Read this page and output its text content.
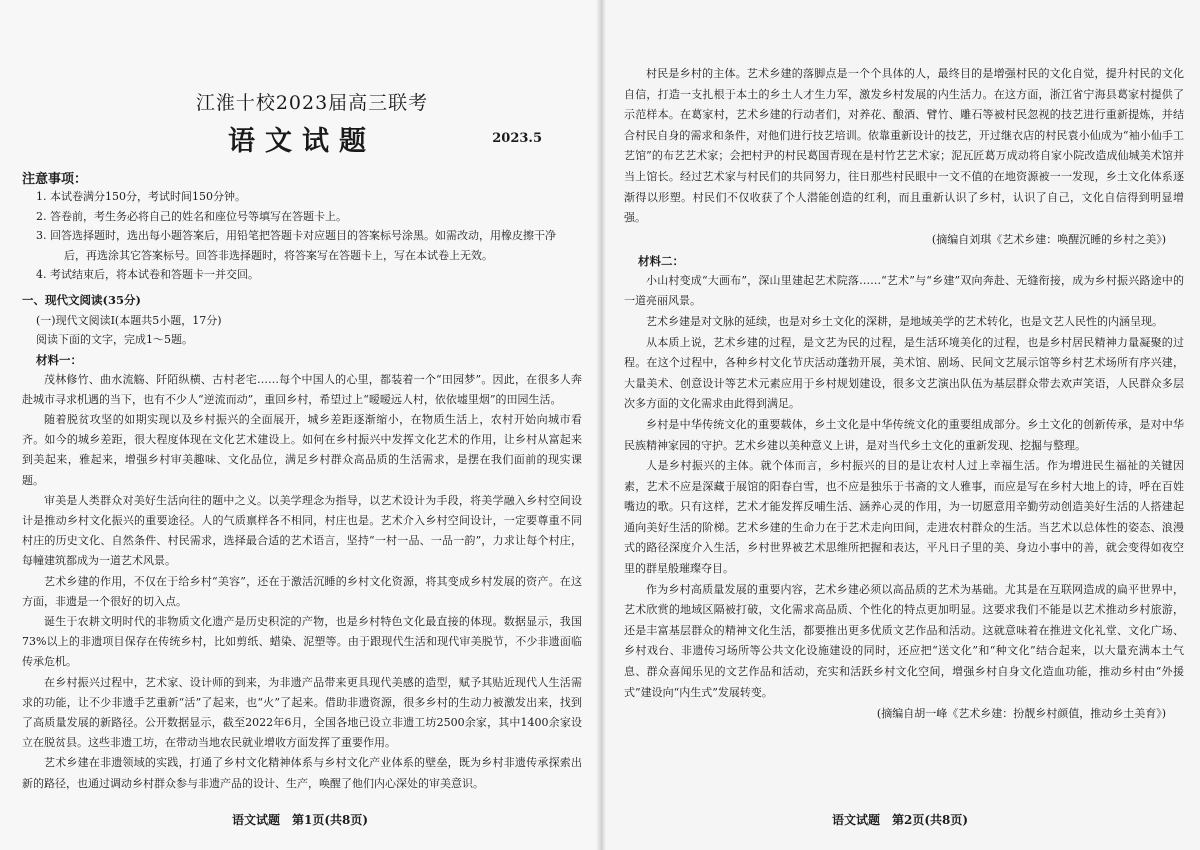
江淮十校2023届高三联考
语文试题	2023.5
注意事项：
1. 本试卷满分150分，考试时间150分钟。
2. 答卷前，考生务必将自己的姓名和座位号等填写在答题卡上。
3. 回答选择题时，选出每小题答案后，用铅笔把答题卡对应题目的答案标号涂黑。如需改动，用橡皮擦干净
后，再选涂其它答案标号。回答非选择题时，将答案写在答题卡上，写在本试卷上无效。
4. 考试结束后，将本试卷和答题卡一并交回。
一、现代文阅读(35分)
(一)现代文阅读Ⅰ(本题共5小题，17分)
阅读下面的文字，完成1～5题。
材料一：

茂林修竹、曲水流觞、阡陌纵横、古村老宅……每个中国人的心里，都装着一个“田园梦”。因此，在很多人奔赴城市寻求机遇的当下，也有不少人“逆流而动”，重回乡村，希望过上“暧暧远人村，依依墟里烟”的田园生活。

随着脱贫攻坚的如期实现以及乡村振兴的全面展开，城乡差距逐渐缩小，在物质生活上，农村开始向城市看齐。如今的城乡差距，很大程度体现在文化艺术建设上。如何在乡村振兴中发挥文化艺术的作用，让乡村从富起来到美起来，雅起来，增强乡村审美趣味、文化品位，满足乡村群众高品质的生活需求，是摆在我们面前的现实课题。

审美是人类群众对美好生活向往的题中之义。以美学理念为指导，以艺术设计为手段，将美学融入乡村空间设计是推动乡村文化振兴的重要途径。人的气质禀样各不相同，村庄也是。艺术介入乡村空间设计，一定要尊重不同村庄的历史文化、自然条件、村民需求，选择最合适的艺术语言，坚持“一村一品、一品一韵”，力求让每个村庄，每幢建筑都成为一道艺术风景。

艺术乡建的作用，不仅在于给乡村“美容”，还在于激活沉睡的乡村文化资源，将其变成乡村发展的资产。在这方面，非遗是一个很好的切入点。

诞生于农耕文明时代的非物质文化遗产是历史积淀的产物，也是乡村特色文化最直接的体现。数据显示，我国73%以上的非遗项目保存在传统乡村，比如剪纸、蜡染、泥塑等。由于跟现代生活和现代审美脱节，不少非遗面临传承危机。

在乡村振兴过程中，艺术家、设计师的到来，为非遗产品带来更具现代美感的造型，赋予其贴近现代人生活需求的功能，让不少非遗手艺重新“活”了起来，也“火”了起来。借助非遗资源，很多乡村的生动力被激发出来，找到了高质量发展的新路径。公开数据显示，截至2022年6月，全国各地已设立非遗工坊2500余家，其中1400余家设立在脱贫县。这些非遗工坊，在带动当地农民就业增收方面发挥了重要作用。

艺术乡建在非遗领域的实践，打通了乡村文化精神体系与乡村文化产业体系的壁垒，既为乡村非遗传承探索出新的路径，也通过调动乡村群众参与非遗产品的设计、生产，唤醒了他们内心深处的审美意识。

语文试题　第1页(共8页)

村民是乡村的主体。艺术乡建的落脚点是一个个具体的人，最终目的是增强村民的文化自觉，提升村民的文化自信，打造一支扎根于本土的乡土人才生力军，激发乡村发展的内生活力。在这方面，浙江省宁海县葛家村提供了示范样本。在葛家村，艺术乡建的行动者们，对养花、酿酒、臂竹、雕石等被村民忽视的技艺进行重新提炼，并结合村民自身的需求和条件，对他们进行技艺培训。依靠重新设计的技艺，开过继衣店的村民袁小仙成为“袖小仙手工艺馆”的布艺艺术家；会把村尹的村民葛国青现在是村竹艺艺术家；泥瓦匠葛万成动将自家小院改造成仙城美术馆并当上馆长。经过艺术家与村民们的共同努力，往日那些村民眼中一文不值的在地资源被一一发现，乡土文化体系逐渐得以形塑。村民们不仅收获了个人潜能创造的红利，而且重新认识了乡村，认识了自己，文化自信得到明显增强。

(摘编自刘琪《艺术乡建：唤醒沉睡的乡村之美》)
材料二：

小山村变成“大画布”，深山里建起艺术院落……“艺术”与“乡建”双向奔赴、无缝衔接，成为乡村振兴路途中的一道亮丽风景。

艺术乡建是对文脉的延续，也是对乡土文化的深耕，是地域美学的艺术转化，也是文艺人民性的内涵呈现。

从本质上说，艺术乡建的过程，是文艺为民的过程，是生活环境美化的过程，也是乡村居民精神力量凝聚的过程。在这个过程中，各种乡村文化节庆活动蓬勃开展，美术馆、剧场、民间文艺展示馆等乡村艺术场所有序兴建，大量美术、创意设计等艺术元素应用于乡村规划建设，很多文艺演出队伍为基层群众带去欢声笑语，人民群众多层次多方面的文化需求由此得到满足。

乡村是中华传统文化的重要载体，乡土文化是中华传统文化的重要组成部分。乡土文化的创新传承，是对中华民族精神家园的守护。艺术乡建以美种意义上讲，是对当代乡土文化的重新发现、挖掘与整理。

人是乡村振兴的主体。就个体而言，乡村振兴的目的是让农村人过上幸福生活。作为增进民生福祉的关键因素，艺术不应是深藏于展馆的阳春白雪，也不应是独乐于书斋的文人雅事，而应是写在乡村大地上的诗，呼在百姓嘴边的歌。只有这样，艺术才能发挥反哺生活、涵养心灵的作用，为一切愿意用辛勤劳动创造美好生活的人搭建起通向美好生活的阶梯。艺术乡建的生命力在于艺术走向田间，走进农村群众的生活。当艺术以总体性的姿态、浪漫式的路径深度介入生活，乡村世界被艺术思维所把握和表达，平凡日子里的美、身边小事中的善，就会变得如夜空里的群星般璀璨夺目。

作为乡村高质量发展的重要内容，艺术乡建必须以高品质的艺术为基础。尤其是在互联网造成的扁平世界中，艺术欣赏的地域区隔被打破，文化需求高品质、个性化的特点更加明显。这要求我们不能是以艺术推动乡村旅游，还是丰富基层群众的精神文化生活，都要推出更多优质文艺作品和活动。这就意味着在推进文化礼堂、文化广场、乡村戏台、非遗传习场所等公共文化设施建设的同时，还应把“送文化”和“种文化”结合起来，以大量充满本土气息、群众喜闻乐见的文艺作品和活动，充实和活跃乡村文化空间，增强乡村自身文化造血功能，推动乡村由“外援式”建设向“内生式”发展转变。

(摘编自胡一峰《艺术乡建：扮靓乡村颜值，推动乡土美育》)
语文试题　第2页(共8页)
